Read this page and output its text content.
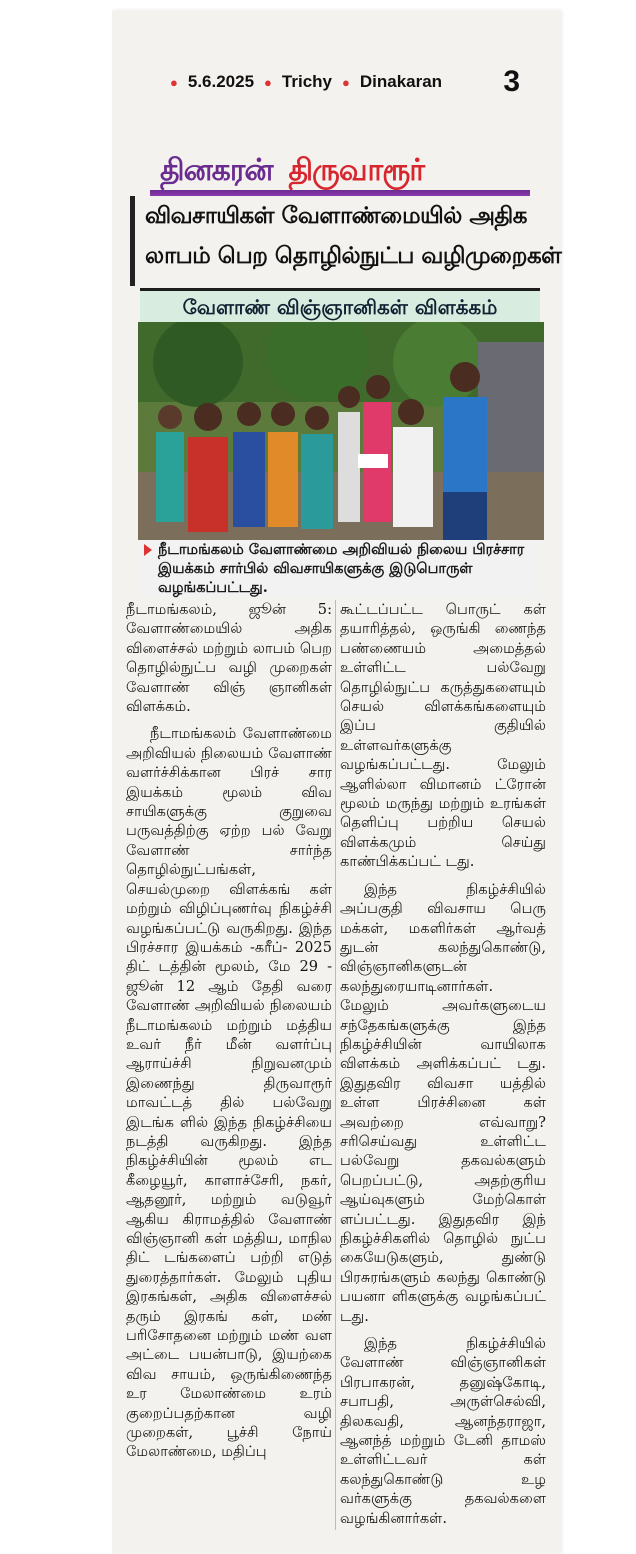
● 5.6.2025 ● Trichy ● Dinakaran 3
தினகரன் திருவாரூர்
விவசாயிகள் வேளாண்மையில் அதிக
லாபம் பெற தொழில்நுட்ப வழிமுறைகள்
வேளாண் விஞ்ஞானிகள் விளக்கம்
நீடாமங்கலம் வேளாண்மை அறிவியல் நிலைய பிரச்சார இயக்கம் சார்பில் விவசாயிகளுக்கு இடுபொருள் வழங்கப்பட்டது.

நீடாமங்கலம், ஜூன் 5: வேளாண்மையில் அதிக விளைச்சல் மற்றும் லாபம் பெற தொழில்நுட்ப வழி முறைகள் வேளாண் விஞ் ஞானிகள் விளக்கம்.

நீடாமங்கலம் வேளாண்மை அறிவியல் நிலையம் வேளாண் வளர்ச்சிக்கான பிரச் சார இயக்கம் மூலம் விவ சாயிகளுக்கு குறுவை பருவத்திற்கு ஏற்ற பல் வேறு வேளாண் சார்ந்த தொழில்நுட்பங்கள், செயல்முறை விளக்கங் கள் மற்றும் விழிப்புணர்வு நிகழ்ச்சி வழங்கப்பட்டு வருகிறது. இந்த பிரச்சார இயக்கம் -கரீப்- 2025 திட் டத்தின் மூலம், மே 29 - ஜூன் 12 ஆம் தேதி வரை வேளாண் அறிவியல் நிலையம் நீடாமங்கலம் மற்றும் மத்திய உவர் நீர் மீன் வளர்ப்பு ஆராய்ச்சி நிறுவனமும் இணைந்து திருவாரூர் மாவட்டத் தில் பல்வேறு இடங்க ளில் இந்த நிகழ்ச்சியை நடத்தி வருகிறது. இந்த நிகழ்ச்சியின் மூலம் எட கீழையூர், காளாச்சேரி, நகர், ஆதனூர், மற்றும் வடுவூர் ஆகிய கிராமத்தில் வேளாண் விஞ்ஞானி கள் மத்திய, மாநில திட் டங்களைப் பற்றி எடுத் துரைத்தார்கள். மேலும் புதிய இரகங்கள், அதிக விளைச்சல் தரும் இரகங் கள், மண் பரிசோதனை மற்றும் மண் வள அட்டை பயன்பாடு, இயற்கை விவ சாயம், ஒருங்கிணைந்த உர மேலாண்மை உரம் குறைப்பதற்கான வழி முறைகள், பூச்சி நோய் மேலாண்மை, மதிப்பு

கூட்டப்பட்ட பொருட் கள் தயாரித்தல், ஒருங்கி ணைந்த பண்ணையம் அமைத்தல் உள்ளிட்ட பல்வேறு தொழில்நுட்ப கருத்துகளையும் செயல் விளக்கங்களையும் இப்ப குதியில் உள்ளவர்களுக்கு வழங்கப்பட்டது. மேலும் ஆளில்லா விமானம் ட்ரோன் மூலம் மருந்து மற்றும் உரங்கள் தெளிப்பு பற்றிய செயல் விளக்கமும் செய்து காண்பிக்கப்பட் டது.

இந்த நிகழ்ச்சியில் அப்பகுதி விவசாய பெரு மக்கள், மகளிர்கள் ஆர்வத் துடன் கலந்துகொண்டு, விஞ்ஞானிகளுடன் கலந்துரையாடினார்கள். மேலும் அவர்களுடைய சந்தேகங்களுக்கு இந்த நிகழ்ச்சியின் வாயிலாக விளக்கம் அளிக்கப்பட் டது. இதுதவிர விவசா யத்தில் உள்ள பிரச்சினை கள் அவற்றை எவ்வாறு? சரிசெய்வது உள்ளிட்ட பல்வேறு தகவல்களும் பெறப்பட்டு, அதற்குரிய ஆய்வுகளும் மேற்கொள் ளப்பட்டது. இதுதவிர இந் நிகழ்ச்சிகளில் தொழில் நுட்ப கையேடுகளும், துண்டு பிரசுரங்களும் கலந்து கொண்டு பயனா ளிகளுக்கு வழங்கப்பட் டது.

இந்த நிகழ்ச்சியில் வேளாண் விஞ்ஞானிகள் பிரபாகரன், தனுஷ்கோடி, சபாபதி, அருள்செல்வி, திலகவதி, ஆனந்தராஜா, ஆனந்த் மற்றும் டேனி தாமஸ் உள்ளிட்டவர் கள் கலந்துகொண்டு உழ வர்களுக்கு தகவல்களை வழங்கினார்கள்.
